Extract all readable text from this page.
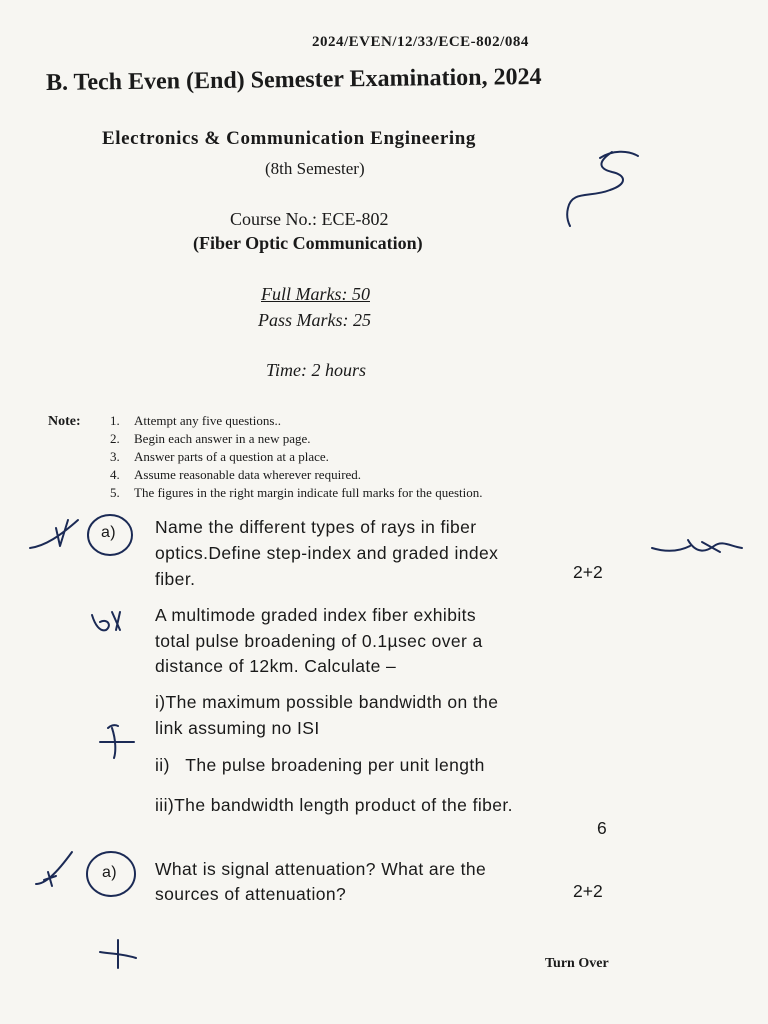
2024/EVEN/12/33/ECE-802/084
B. Tech Even (End) Semester Examination, 2024
Electronics & Communication Engineering
(8th Semester)
Course No.: ECE-802
(Fiber Optic Communication)
Full Marks: 50
Pass Marks: 25
Time: 2 hours
Note: 1. Attempt any five questions..
2. Begin each answer in a new page.
3. Answer parts of a question at a place.
4. Assume reasonable data wherever required.
5. The figures in the right margin indicate full marks for the question.
a) Name the different types of rays in fiber
optics.Define step-index and graded index
fiber.	2+2
A multimode graded index fiber exhibits
total pulse broadening of 0.1µsec over a
distance of 12km. Calculate –
i)The maximum possible bandwidth on the
link assuming no ISI
ii)   The pulse broadening per unit length
iii)The bandwidth length product of the fiber.
6
a) What is signal attenuation? What are the
sources of attenuation?	2+2
Turn Over
